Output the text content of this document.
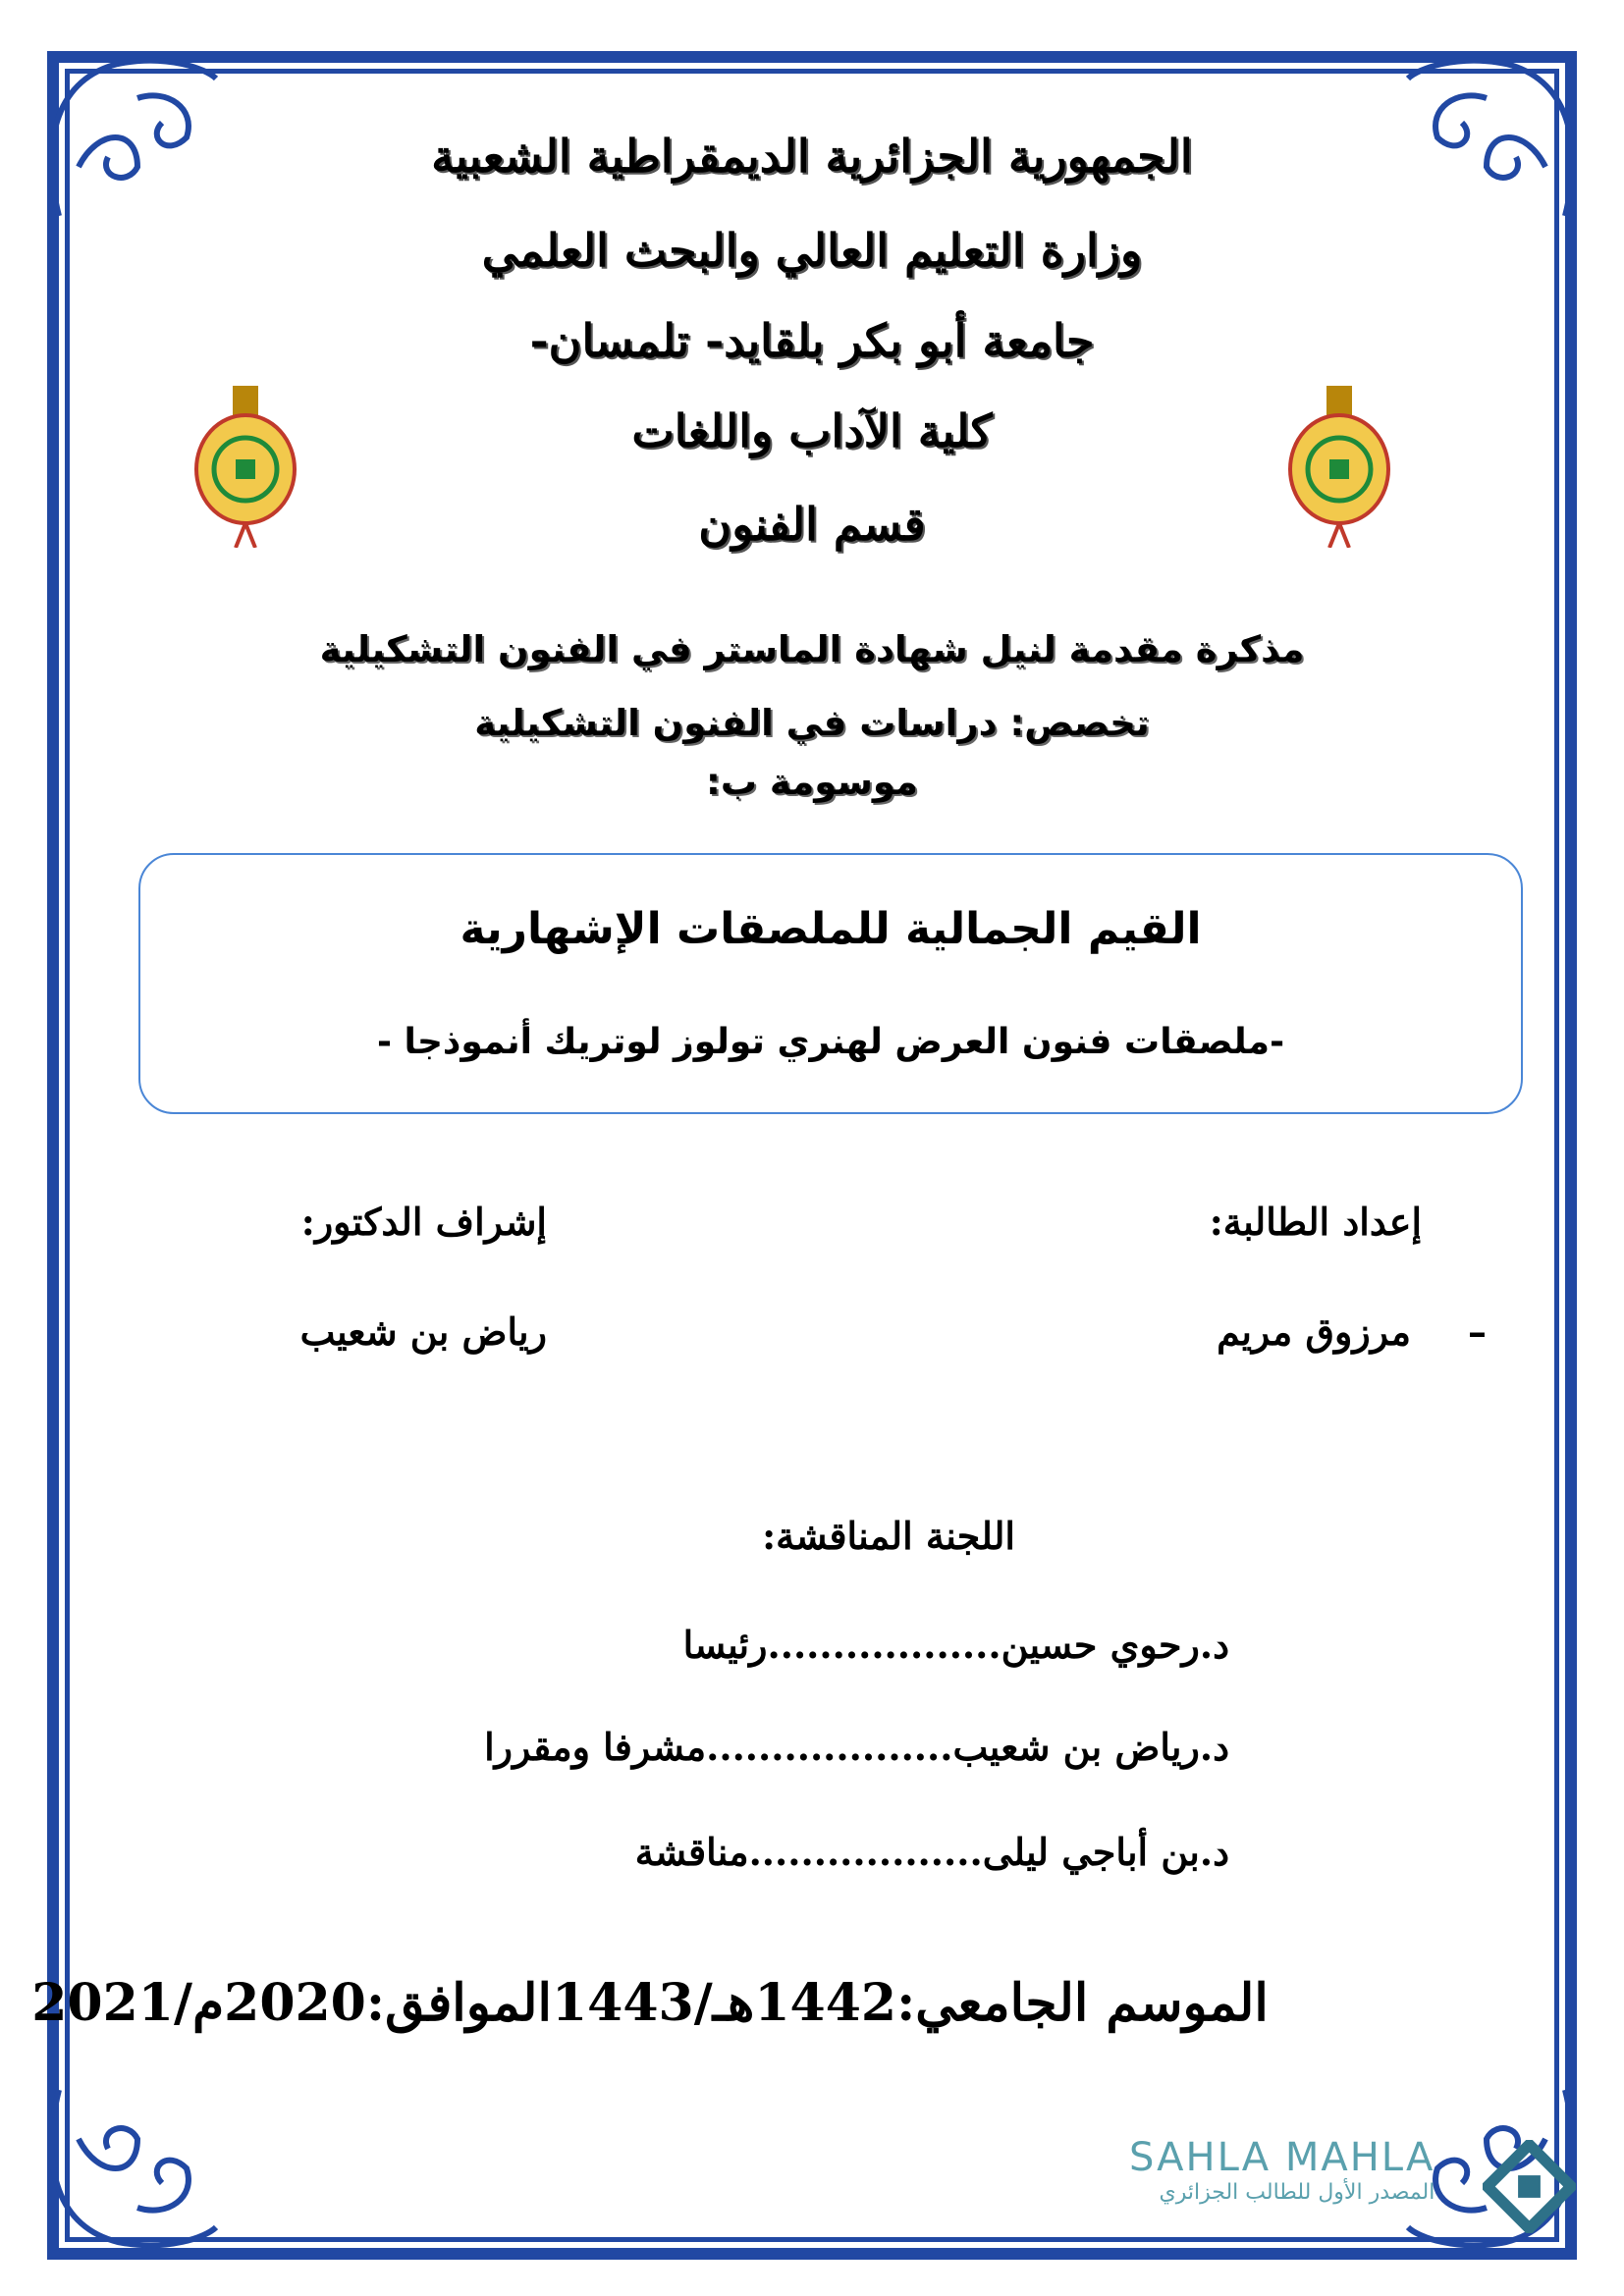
الجمهورية الجزائرية الديمقراطية الشعبية
وزارة التعليم العالي والبحث العلمي
جامعة أبو بكر بلقايد- تلمسان-
كلية الآداب واللغات
قسم الفنون
مذكرة مقدمة لنيل شهادة الماستر في الفنون التشكيلية
تخصص: دراسات في الفنون التشكيلية
موسومة ب:
القيم الجمالية للملصقات الإشهارية
-ملصقات فنون العرض لهنري تولوز لوتريك أنموذجا -
إعداد الطالبة:
إشراف الدكتور:
–
مرزوق مريم
رياض بن شعيب
اللجنة المناقشة:
د.رحوي حسين..................رئيسا
د.رياض بن شعيب...................مشرفا ومقررا
د.بن أباجي ليلى..................مناقشة
الموسم الجامعي:1442هـ/1443الموافق:2020م/2021
SAHLA MAHLA
المصدر الأول للطالب الجزائري
